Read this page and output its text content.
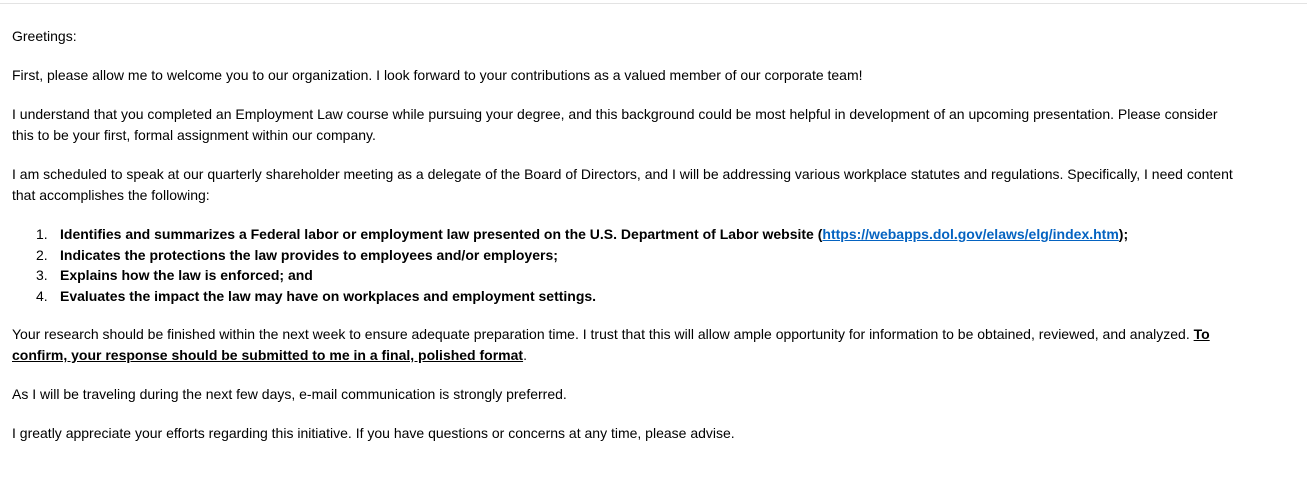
Greetings:

First, please allow me to welcome you to our organization. I look forward to your contributions as a valued member of our corporate team!

I understand that you completed an Employment Law course while pursuing your degree, and this background could be most helpful in development of an upcoming presentation. Please consider
this to be your first, formal assignment within our company.

I am scheduled to speak at our quarterly shareholder meeting as a delegate of the Board of Directors, and I will be addressing various workplace statutes and regulations. Specifically, I need content
that accomplishes the following:

1. Identifies and summarizes a Federal labor or employment law presented on the U.S. Department of Labor website (https://webapps.dol.gov/elaws/elg/index.htm);
2. Indicates the protections the law provides to employees and/or employers;
3. Explains how the law is enforced; and
4. Evaluates the impact the law may have on workplaces and employment settings.

Your research should be finished within the next week to ensure adequate preparation time. I trust that this will allow ample opportunity for information to be obtained, reviewed, and analyzed. To
confirm, your response should be submitted to me in a final, polished format.

As I will be traveling during the next few days, e-mail communication is strongly preferred.

I greatly appreciate your efforts regarding this initiative. If you have questions or concerns at any time, please advise.
